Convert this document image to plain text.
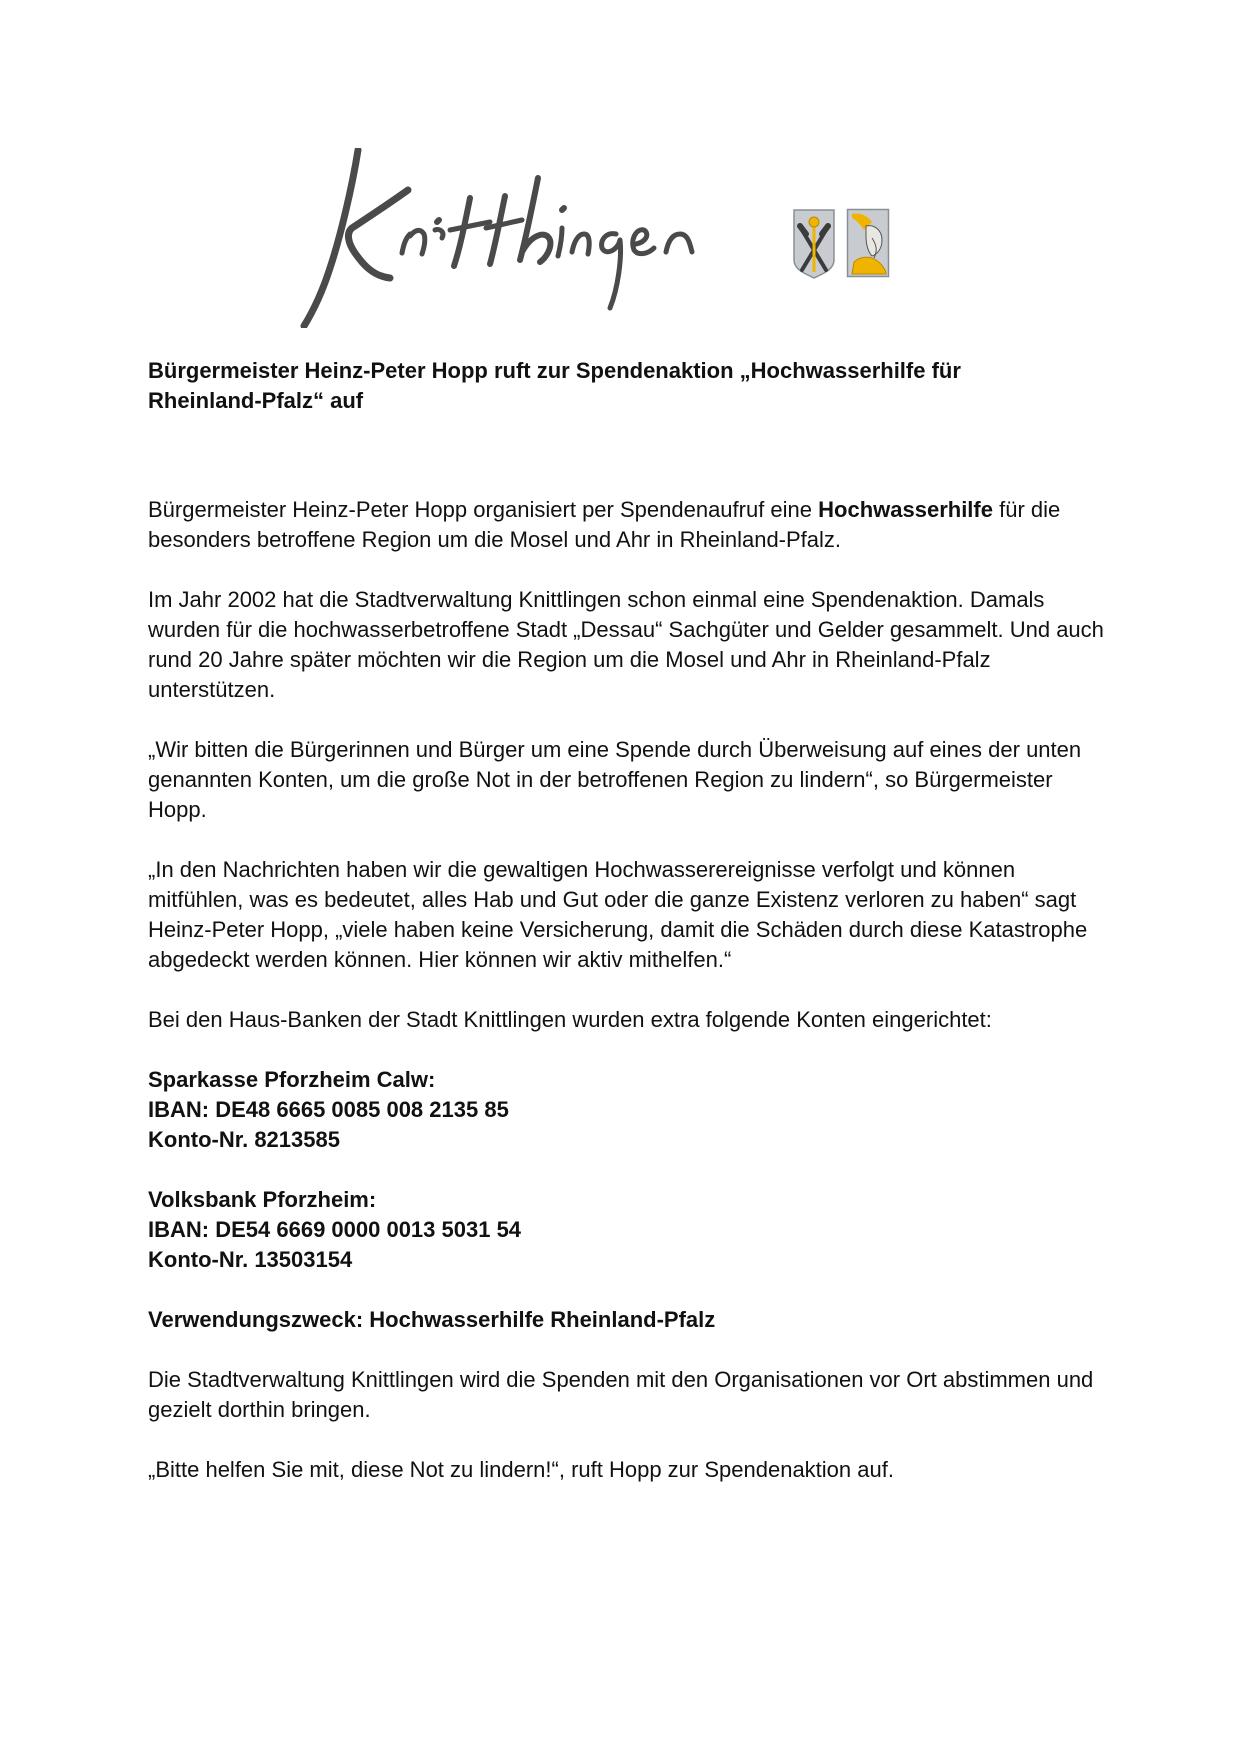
Bürgermeister Heinz-Peter Hopp ruft zur Spendenaktion „Hochwasserhilfe für
Rheinland-Pfalz“ auf

Bürgermeister Heinz-Peter Hopp organisiert per Spendenaufruf eine Hochwasserhilfe für die besonders betroffene Region um die Mosel und Ahr in Rheinland-Pfalz.

Im Jahr 2002 hat die Stadtverwaltung Knittlingen schon einmal eine Spendenaktion. Damals wurden für die hochwasserbetroffene Stadt „Dessau“ Sachgüter und Gelder gesammelt. Und auch rund 20 Jahre später möchten wir die Region um die Mosel und Ahr in Rheinland-Pfalz unterstützen.

„Wir bitten die Bürgerinnen und Bürger um eine Spende durch Überweisung auf eines der unten genannten Konten, um die große Not in der betroffenen Region zu lindern“, so Bürgermeister Hopp.

„In den Nachrichten haben wir die gewaltigen Hochwasserereignisse verfolgt und können mitfühlen, was es bedeutet, alles Hab und Gut oder die ganze Existenz verloren zu haben“ sagt Heinz-Peter Hopp, „viele haben keine Versicherung, damit die Schäden durch diese Katastrophe abgedeckt werden können. Hier können wir aktiv mithelfen.“

Bei den Haus-Banken der Stadt Knittlingen wurden extra folgende Konten eingerichtet:

Sparkasse Pforzheim Calw:
IBAN: DE48 6665 0085 008 2135 85
Konto-Nr. 8213585
Volksbank Pforzheim:
IBAN: DE54 6669 0000 0013 5031 54
Konto-Nr. 13503154

Verwendungszweck: Hochwasserhilfe Rheinland-Pfalz

Die Stadtverwaltung Knittlingen wird die Spenden mit den Organisationen vor Ort abstimmen und gezielt dorthin bringen.

„Bitte helfen Sie mit, diese Not zu lindern!“, ruft Hopp zur Spendenaktion auf.
